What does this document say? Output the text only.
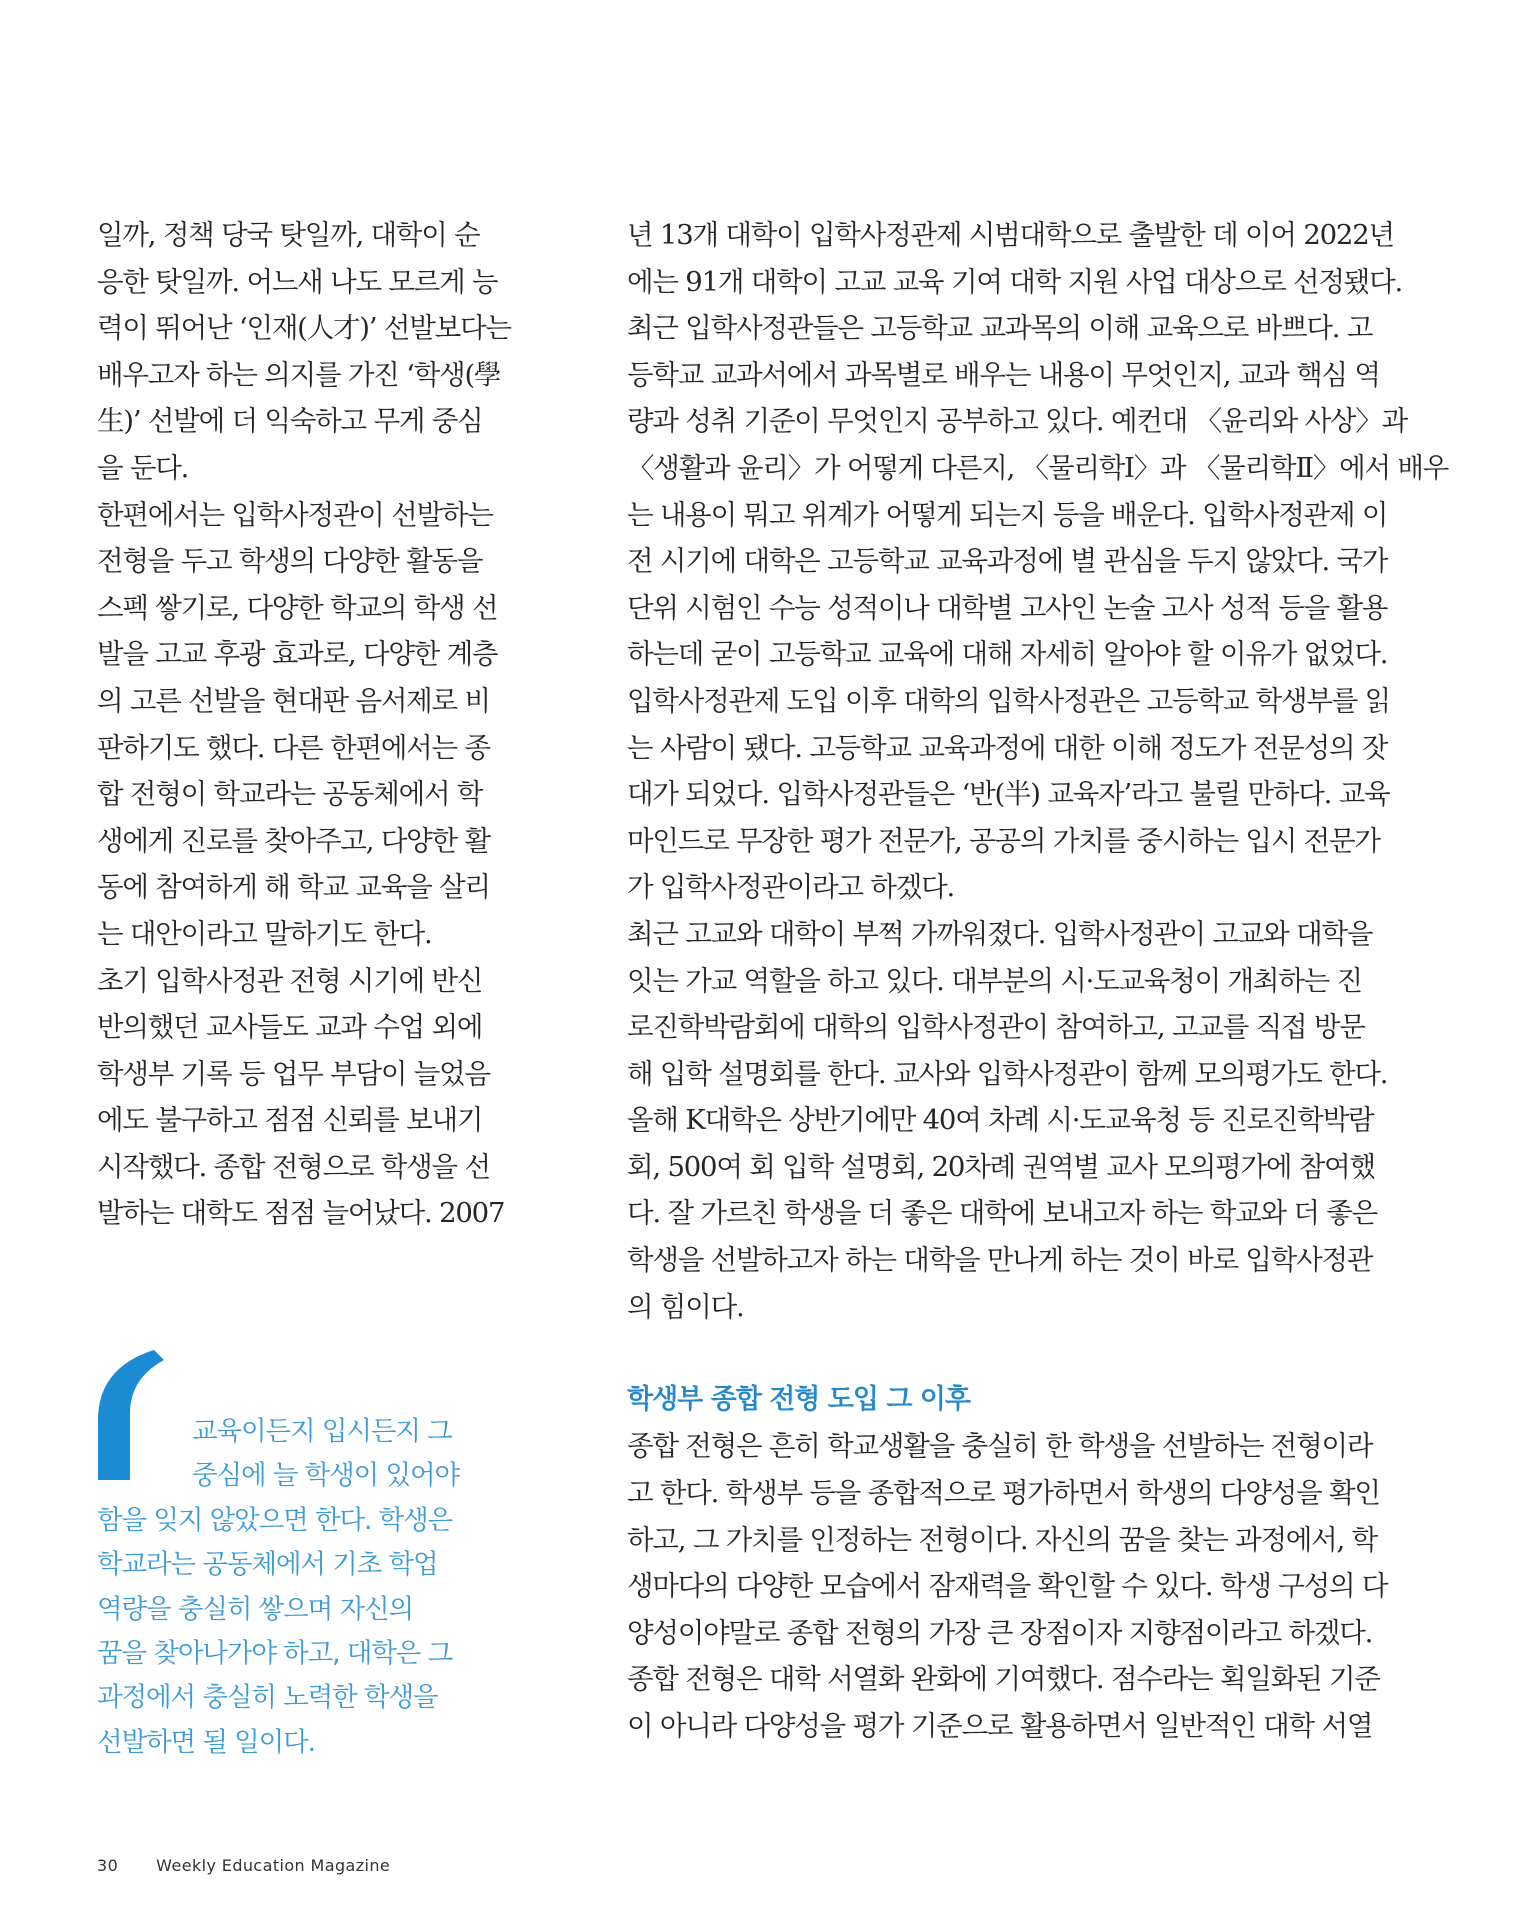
일까, 정책 당국 탓일까, 대학이 순

응한 탓일까. 어느새 나도 모르게 능

력이 뛰어난 ‘인재(人才)’ 선발보다는

배우고자 하는 의지를 가진 ‘학생(學

生)’ 선발에 더 익숙하고 무게 중심

을 둔다.

한편에서는 입학사정관이 선발하는

전형을 두고 학생의 다양한 활동을

스펙 쌓기로, 다양한 학교의 학생 선

발을 고교 후광 효과로, 다양한 계층

의 고른 선발을 현대판 음서제로 비

판하기도 했다. 다른 한편에서는 종

합 전형이 학교라는 공동체에서 학

생에게 진로를 찾아주고, 다양한 활

동에 참여하게 해 학교 교육을 살리

는 대안이라고 말하기도 한다.

초기 입학사정관 전형 시기에 반신

반의했던 교사들도 교과 수업 외에

학생부 기록 등 업무 부담이 늘었음

에도 불구하고 점점 신뢰를 보내기

시작했다. 종합 전형으로 학생을 선

발하는 대학도 점점 늘어났다. 2007

년 13개 대학이 입학사정관제 시범대학으로 출발한 데 이어 2022년

에는 91개 대학이 고교 교육 기여 대학 지원 사업 대상으로 선정됐다.

최근 입학사정관들은 고등학교 교과목의 이해 교육으로 바쁘다. 고

등학교 교과서에서 과목별로 배우는 내용이 무엇인지, 교과 핵심 역

량과 성취 기준이 무엇인지 공부하고 있다. 예컨대 〈윤리와 사상〉과

〈생활과 윤리〉가 어떻게 다른지, 〈물리학Ⅰ〉과 〈물리학Ⅱ〉에서 배우

는 내용이 뭐고 위계가 어떻게 되는지 등을 배운다. 입학사정관제 이

전 시기에 대학은 고등학교 교육과정에 별 관심을 두지 않았다. 국가

단위 시험인 수능 성적이나 대학별 고사인 논술 고사 성적 등을 활용

하는데 굳이 고등학교 교육에 대해 자세히 알아야 할 이유가 없었다.

입학사정관제 도입 이후 대학의 입학사정관은 고등학교 학생부를 읽

는 사람이 됐다. 고등학교 교육과정에 대한 이해 정도가 전문성의 잣

대가 되었다. 입학사정관들은 ‘반(半) 교육자’라고 불릴 만하다. 교육

마인드로 무장한 평가 전문가, 공공의 가치를 중시하는 입시 전문가

가 입학사정관이라고 하겠다.

최근 고교와 대학이 부쩍 가까워졌다. 입학사정관이 고교와 대학을

잇는 가교 역할을 하고 있다. 대부분의 시·도교육청이 개최하는 진

로진학박람회에 대학의 입학사정관이 참여하고, 고교를 직접 방문

해 입학 설명회를 한다. 교사와 입학사정관이 함께 모의평가도 한다.

올해 K대학은 상반기에만 40여 차례 시·도교육청 등 진로진학박람

회, 500여 회 입학 설명회, 20차례 권역별 교사 모의평가에 참여했

다. 잘 가르친 학생을 더 좋은 대학에 보내고자 하는 학교와 더 좋은

학생을 선발하고자 하는 대학을 만나게 하는 것이 바로 입학사정관

의 힘이다.

학생부 종합 전형 도입 그 이후

종합 전형은 흔히 학교생활을 충실히 한 학생을 선발하는 전형이라

고 한다. 학생부 등을 종합적으로 평가하면서 학생의 다양성을 확인

하고, 그 가치를 인정하는 전형이다. 자신의 꿈을 찾는 과정에서, 학

생마다의 다양한 모습에서 잠재력을 확인할 수 있다. 학생 구성의 다

양성이야말로 종합 전형의 가장 큰 장점이자 지향점이라고 하겠다.

종합 전형은 대학 서열화 완화에 기여했다. 점수라는 획일화된 기준

이 아니라 다양성을 평가 기준으로 활용하면서 일반적인 대학 서열

교육이든지 입시든지 그

중심에 늘 학생이 있어야

함을 잊지 않았으면 한다. 학생은

학교라는 공동체에서 기초 학업

역량을 충실히 쌓으며 자신의

꿈을 찾아나가야 하고, 대학은 그

과정에서 충실히 노력한 학생을

선발하면 될 일이다.

30 Weekly Education Magazine
